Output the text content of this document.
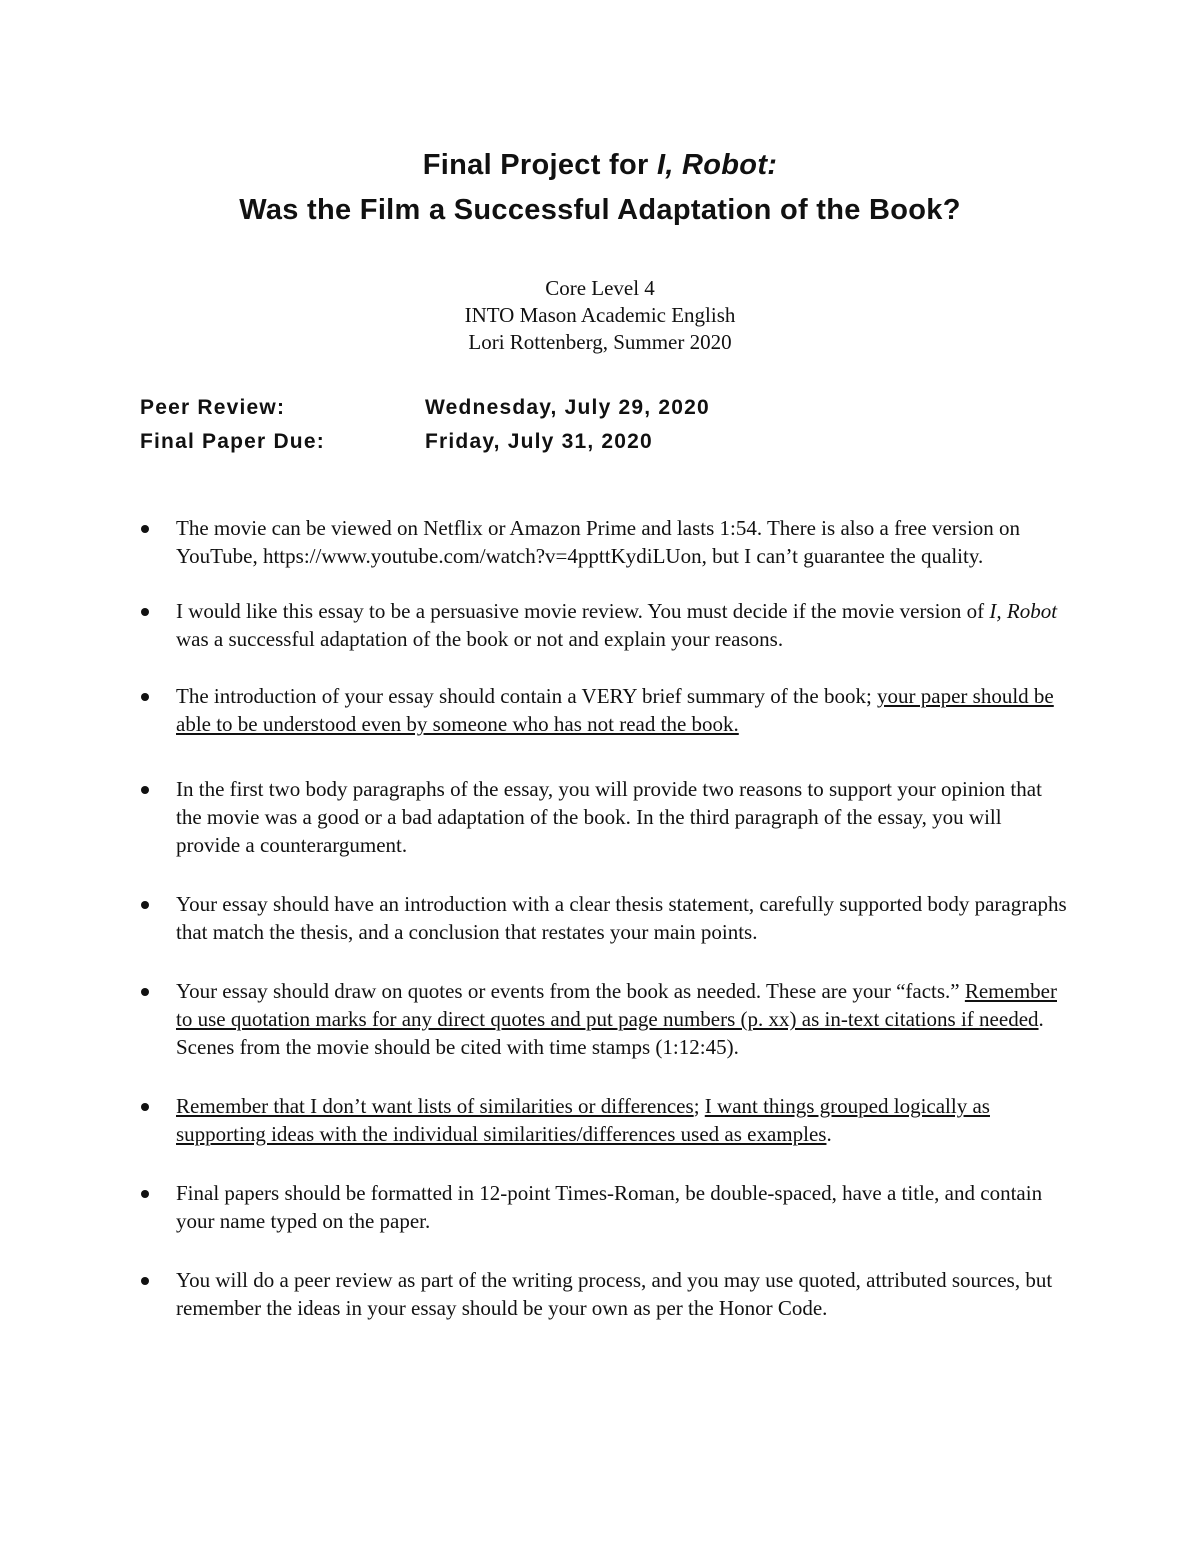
Final Project for I, Robot:
Was the Film a Successful Adaptation of the Book?
Core Level 4
INTO Mason Academic English
Lori Rottenberg, Summer 2020
Peer Review:	Wednesday, July 29, 2020
Final Paper Due:	Friday, July 31, 2020
The movie can be viewed on Netflix or Amazon Prime and lasts 1:54. There is also a free version on YouTube, https://www.youtube.com/watch?v=4ppttKydiLUon, but I can’t guarantee the quality.
I would like this essay to be a persuasive movie review. You must decide if the movie version of I, Robot was a successful adaptation of the book or not and explain your reasons.
The introduction of your essay should contain a VERY brief summary of the book; your paper should be able to be understood even by someone who has not read the book.
In the first two body paragraphs of the essay, you will provide two reasons to support your opinion that the movie was a good or a bad adaptation of the book. In the third paragraph of the essay, you will provide a counterargument.
Your essay should have an introduction with a clear thesis statement, carefully supported body paragraphs that match the thesis, and a conclusion that restates your main points.
Your essay should draw on quotes or events from the book as needed. These are your “facts.” Remember to use quotation marks for any direct quotes and put page numbers (p. xx) as in-text citations if needed. Scenes from the movie should be cited with time stamps (1:12:45).
Remember that I don’t want lists of similarities or differences; I want things grouped logically as supporting ideas with the individual similarities/differences used as examples.
Final papers should be formatted in 12-point Times-Roman, be double-spaced, have a title, and contain your name typed on the paper.
You will do a peer review as part of the writing process, and you may use quoted, attributed sources, but remember the ideas in your essay should be your own as per the Honor Code.
